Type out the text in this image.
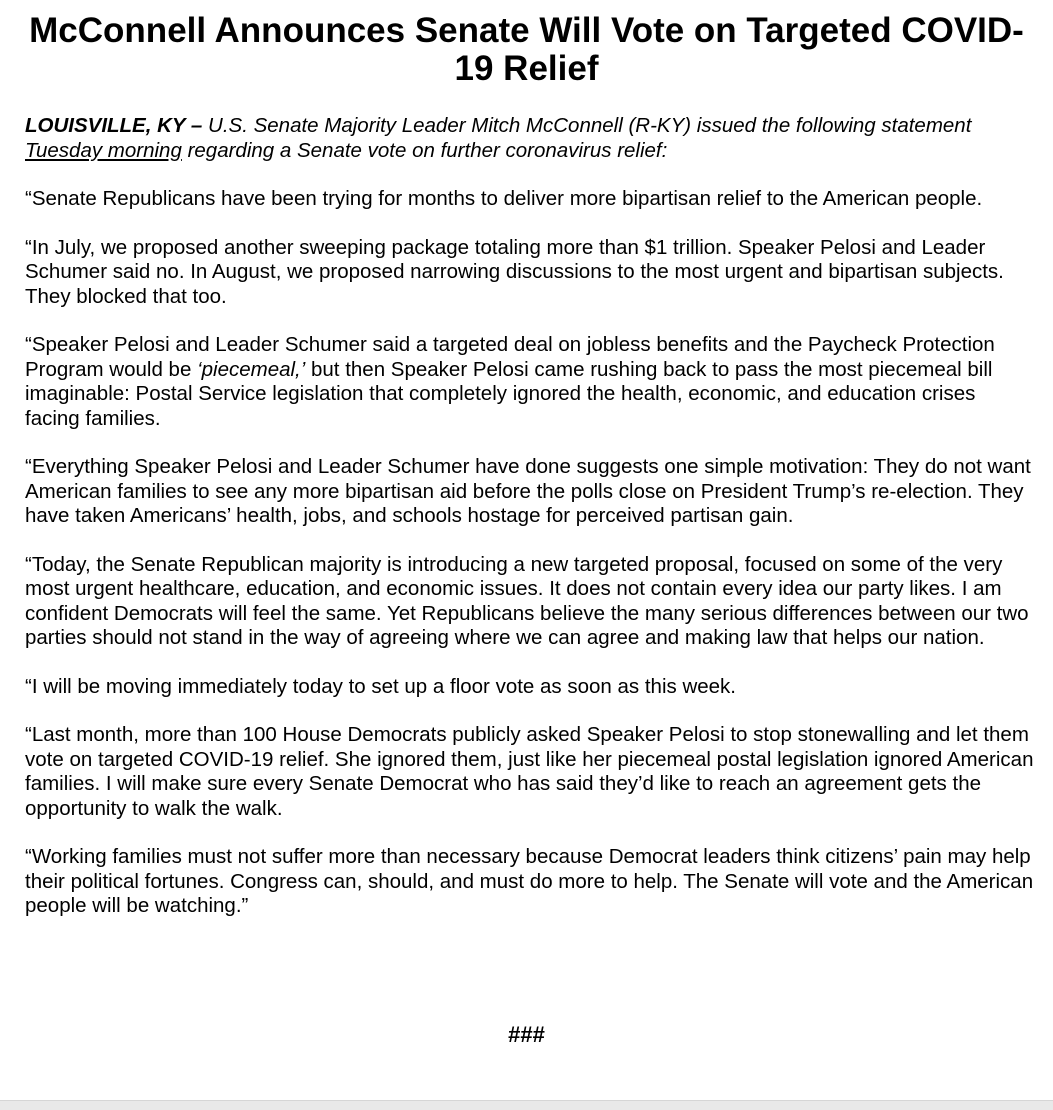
McConnell Announces Senate Will Vote on Targeted COVID-19 Relief

LOUISVILLE, KY – U.S. Senate Majority Leader Mitch McConnell (R-KY) issued the following statement Tuesday morning regarding a Senate vote on further coronavirus relief:

“Senate Republicans have been trying for months to deliver more bipartisan relief to the American people.

“In July, we proposed another sweeping package totaling more than $1 trillion. Speaker Pelosi and Leader Schumer said no. In August, we proposed narrowing discussions to the most urgent and bipartisan subjects. They blocked that too.

“Speaker Pelosi and Leader Schumer said a targeted deal on jobless benefits and the Paycheck Protection Program would be ‘piecemeal,’ but then Speaker Pelosi came rushing back to pass the most piecemeal bill imaginable: Postal Service legislation that completely ignored the health, economic, and education crises facing families.

“Everything Speaker Pelosi and Leader Schumer have done suggests one simple motivation: They do not want American families to see any more bipartisan aid before the polls close on President Trump’s re-election. They have taken Americans’ health, jobs, and schools hostage for perceived partisan gain.

“Today, the Senate Republican majority is introducing a new targeted proposal, focused on some of the very most urgent healthcare, education, and economic issues. It does not contain every idea our party likes. I am confident Democrats will feel the same. Yet Republicans believe the many serious differences between our two parties should not stand in the way of agreeing where we can agree and making law that helps our nation.

“I will be moving immediately today to set up a floor vote as soon as this week.

“Last month, more than 100 House Democrats publicly asked Speaker Pelosi to stop stonewalling and let them vote on targeted COVID-19 relief. She ignored them, just like her piecemeal postal legislation ignored American families. I will make sure every Senate Democrat who has said they’d like to reach an agreement gets the opportunity to walk the walk.

“Working families must not suffer more than necessary because Democrat leaders think citizens’ pain may help their political fortunes. Congress can, should, and must do more to help. The Senate will vote and the American people will be watching.”

###
